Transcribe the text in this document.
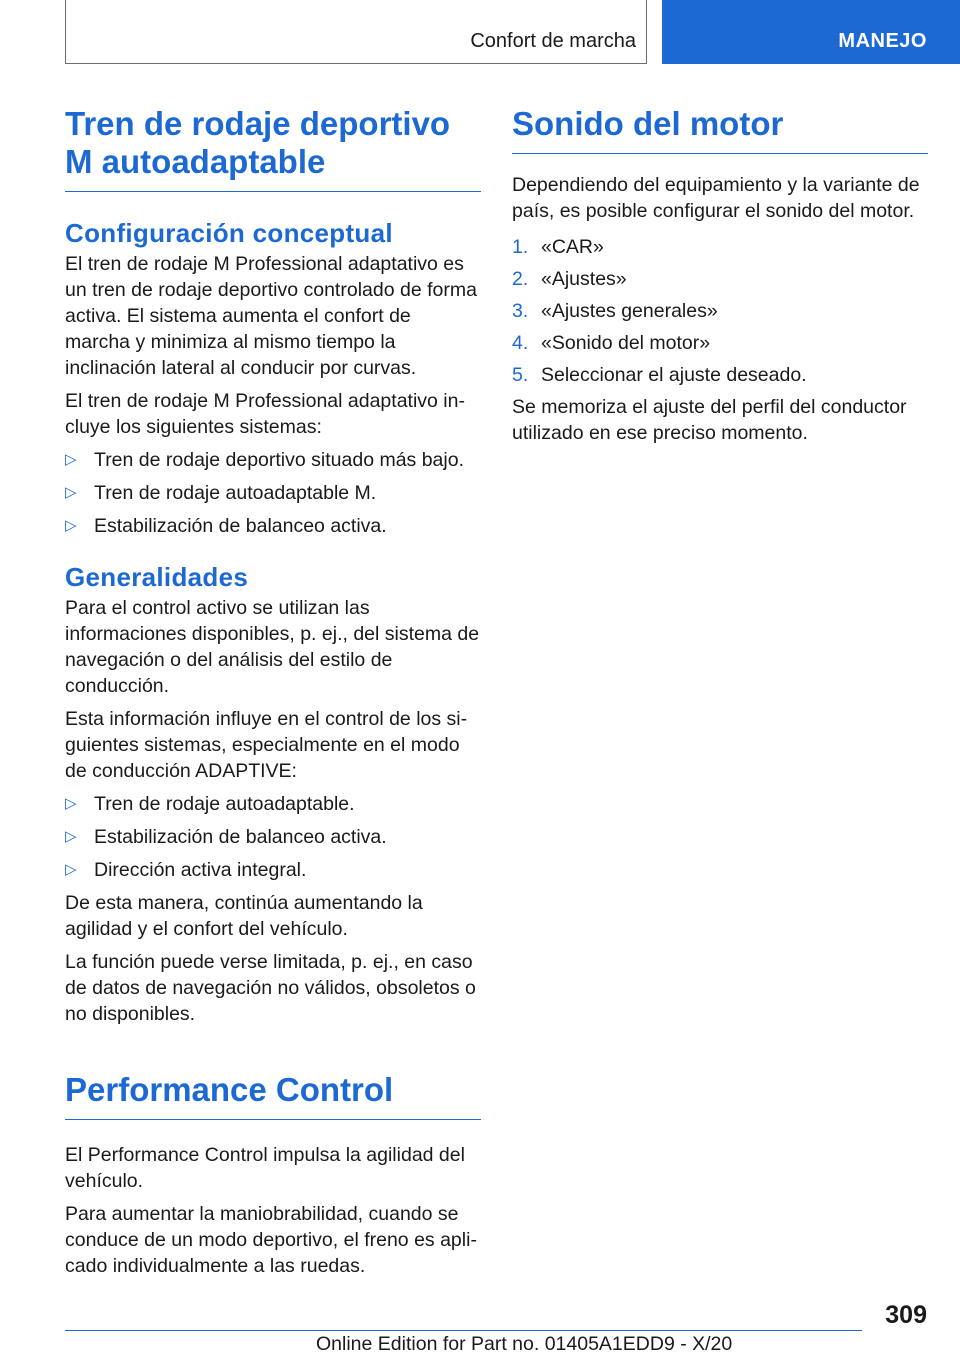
Confort de marcha	MANEJO
Tren de rodaje deportivo M autoadaptable
Configuración conceptual

El tren de rodaje M Professional adaptativo es un tren de rodaje deportivo controlado de forma activa. El sistema aumenta el confort de marcha y minimiza al mismo tiempo la inclinación lateral al conducir por curvas.

El tren de rodaje M Professional adaptativo incluye los siguientes sistemas:

▷ Tren de rodaje deportivo situado más bajo.
▷ Tren de rodaje autoadaptable M.
▷ Estabilización de balanceo activa.
Generalidades

Para el control activo se utilizan las informaciones disponibles, p. ej., del sistema de navegación o del análisis del estilo de conducción.

Esta información influye en el control de los siguientes sistemas, especialmente en el modo de conducción ADAPTIVE:

▷ Tren de rodaje autoadaptable.
▷ Estabilización de balanceo activa.
▷ Dirección activa integral.

De esta manera, continúa aumentando la agilidad y el confort del vehículo.

La función puede verse limitada, p. ej., en caso de datos de navegación no válidos, obsoletos o no disponibles.

Performance Control

El Performance Control impulsa la agilidad del vehículo.

Para aumentar la maniobrabilidad, cuando se conduce de un modo deportivo, el freno es aplicado individualmente a las ruedas.

Sonido del motor

Dependiendo del equipamiento y la variante de país, es posible configurar el sonido del motor.

1. «CAR»
2. «Ajustes»
3. «Ajustes generales»
4. «Sonido del motor»
5. Seleccionar el ajuste deseado.

Se memoriza el ajuste del perfil del conductor utilizado en ese preciso momento.

309
Online Edition for Part no. 01405A1EDD9 - X/20
